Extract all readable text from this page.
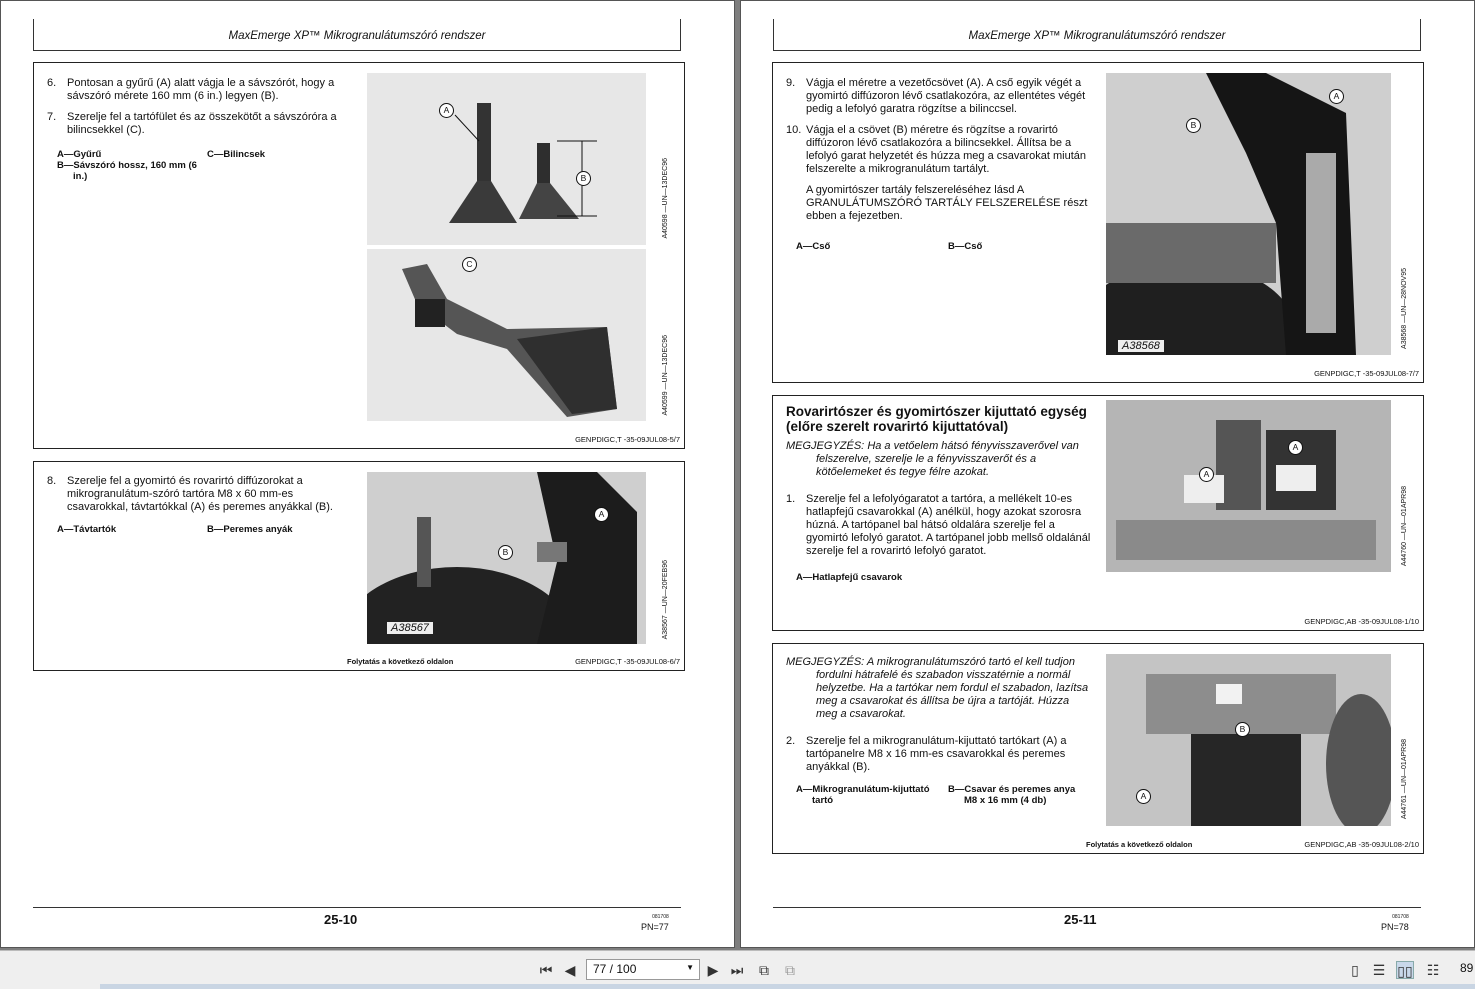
MaxEmerge XP™ Mikrogranulátumszóró rendszer
6. Pontosan a gyűrű (A) alatt vágja le a sávszórót, hogy a sávszóró mérete 160 mm (6 in.) legyen (B).
7. Szerelje fel a tartófület és az összekötőt a sávszóróra a bilincsekkel (C).
A—Gyűrű	C—Bilincsek
B—Sávszóró hossz, 160 mm (6
in.)
A
B	A40598 —UN—13DEC96
C
A40599 —UN—13DEC96
GENPDIGC,T -35-09JUL08-5/7
8. Szerelje fel a gyomirtó és rovarirtó diffúzorokat a mikrogranulátum-szóró tartóra M8 x 60 mm-es csavarokkal, távtartókkal (A) és peremes anyákkal (B).
A—Távtartók	B—Peremes anyák
A
B
A38567	A38567 —UN—20FEB96
Folytatás a következő oldalon	GENPDIGC,T -35-09JUL08-6/7
25-10	081708
PN=77
MaxEmerge XP™ Mikrogranulátumszóró rendszer
9. Vágja el méretre a vezetőcsövet (A). A cső egyik végét a gyomirtó diffúzoron lévő csatlakozóra, az ellentétes végét pedig a lefolyó garatra rögzítse a bilinccsel.
10. Vágja el a csövet (B) méretre és rögzítse a rovarirtó diffúzoron lévő csatlakozóra a bilincsekkel. Állítsa be a lefolyó garat helyzetét és húzza meg a csavarokat miután felszerelte a mikrogranulátum tartályt.
A gyomirtószer tartály felszereléséhez lásd A GRANULÁTUMSZÓRÓ TARTÁLY FELSZERELÉSE részt ebben a fejezetben.
A—Cső	B—Cső
A
B
A38568	A38568 —UN—28NOV95
GENPDIGC,T -35-09JUL08-7/7
Rovarirtószer és gyomirtószer kijuttató egység (előre szerelt rovarirtó kijuttatóval)
MEGJEGYZÉS: Ha a vetőelem hátsó fényvisszaverővel van felszerelve, szerelje le a fényvisszaverőt és a kötőelemeket és tegye félre azokat.
1. Szerelje fel a lefolyógaratot a tartóra, a mellékelt 10-es hatlapfejű csavarokkal (A) anélkül, hogy azokat szorosra húzná. A tartópanel bal hátsó oldalára szerelje fel a gyomirtó lefolyó garatot. A tartópanel jobb mellső oldalánál szerelje fel a rovarirtó lefolyó garatot.
A—Hatlapfejű csavarok
A
A
A44760 —UN—01APR98
GENPDIGC,AB -35-09JUL08-1/10
MEGJEGYZÉS: A mikrogranulátumszóró tartó el kell tudjon fordulni hátrafelé és szabadon visszatérnie a normál helyzetbe. Ha a tartókar nem fordul el szabadon, lazítsa meg a csavarokat és állítsa be újra a tartóját. Húzza meg a csavarokat.
2. Szerelje fel a mikrogranulátum-kijuttató tartókart (A) a tartópanelre M8 x 16 mm-es csavarokkal és peremes anyákkal (B).
A—Mikrogranulátum-kijuttató
tartó
B—Csavar és peremes anya
M8 x 16 mm (4 db)
B
A	A44761 —UN—01APR98
Folytatás a következő oldalon	GENPDIGC,AB -35-09JUL08-2/10
25-11	081708
PN=78
⏮ ◀	▶ ⏭ ⧉ ⧉	▯ ☰ ▯▯ ☷
77 / 100	▼	89
